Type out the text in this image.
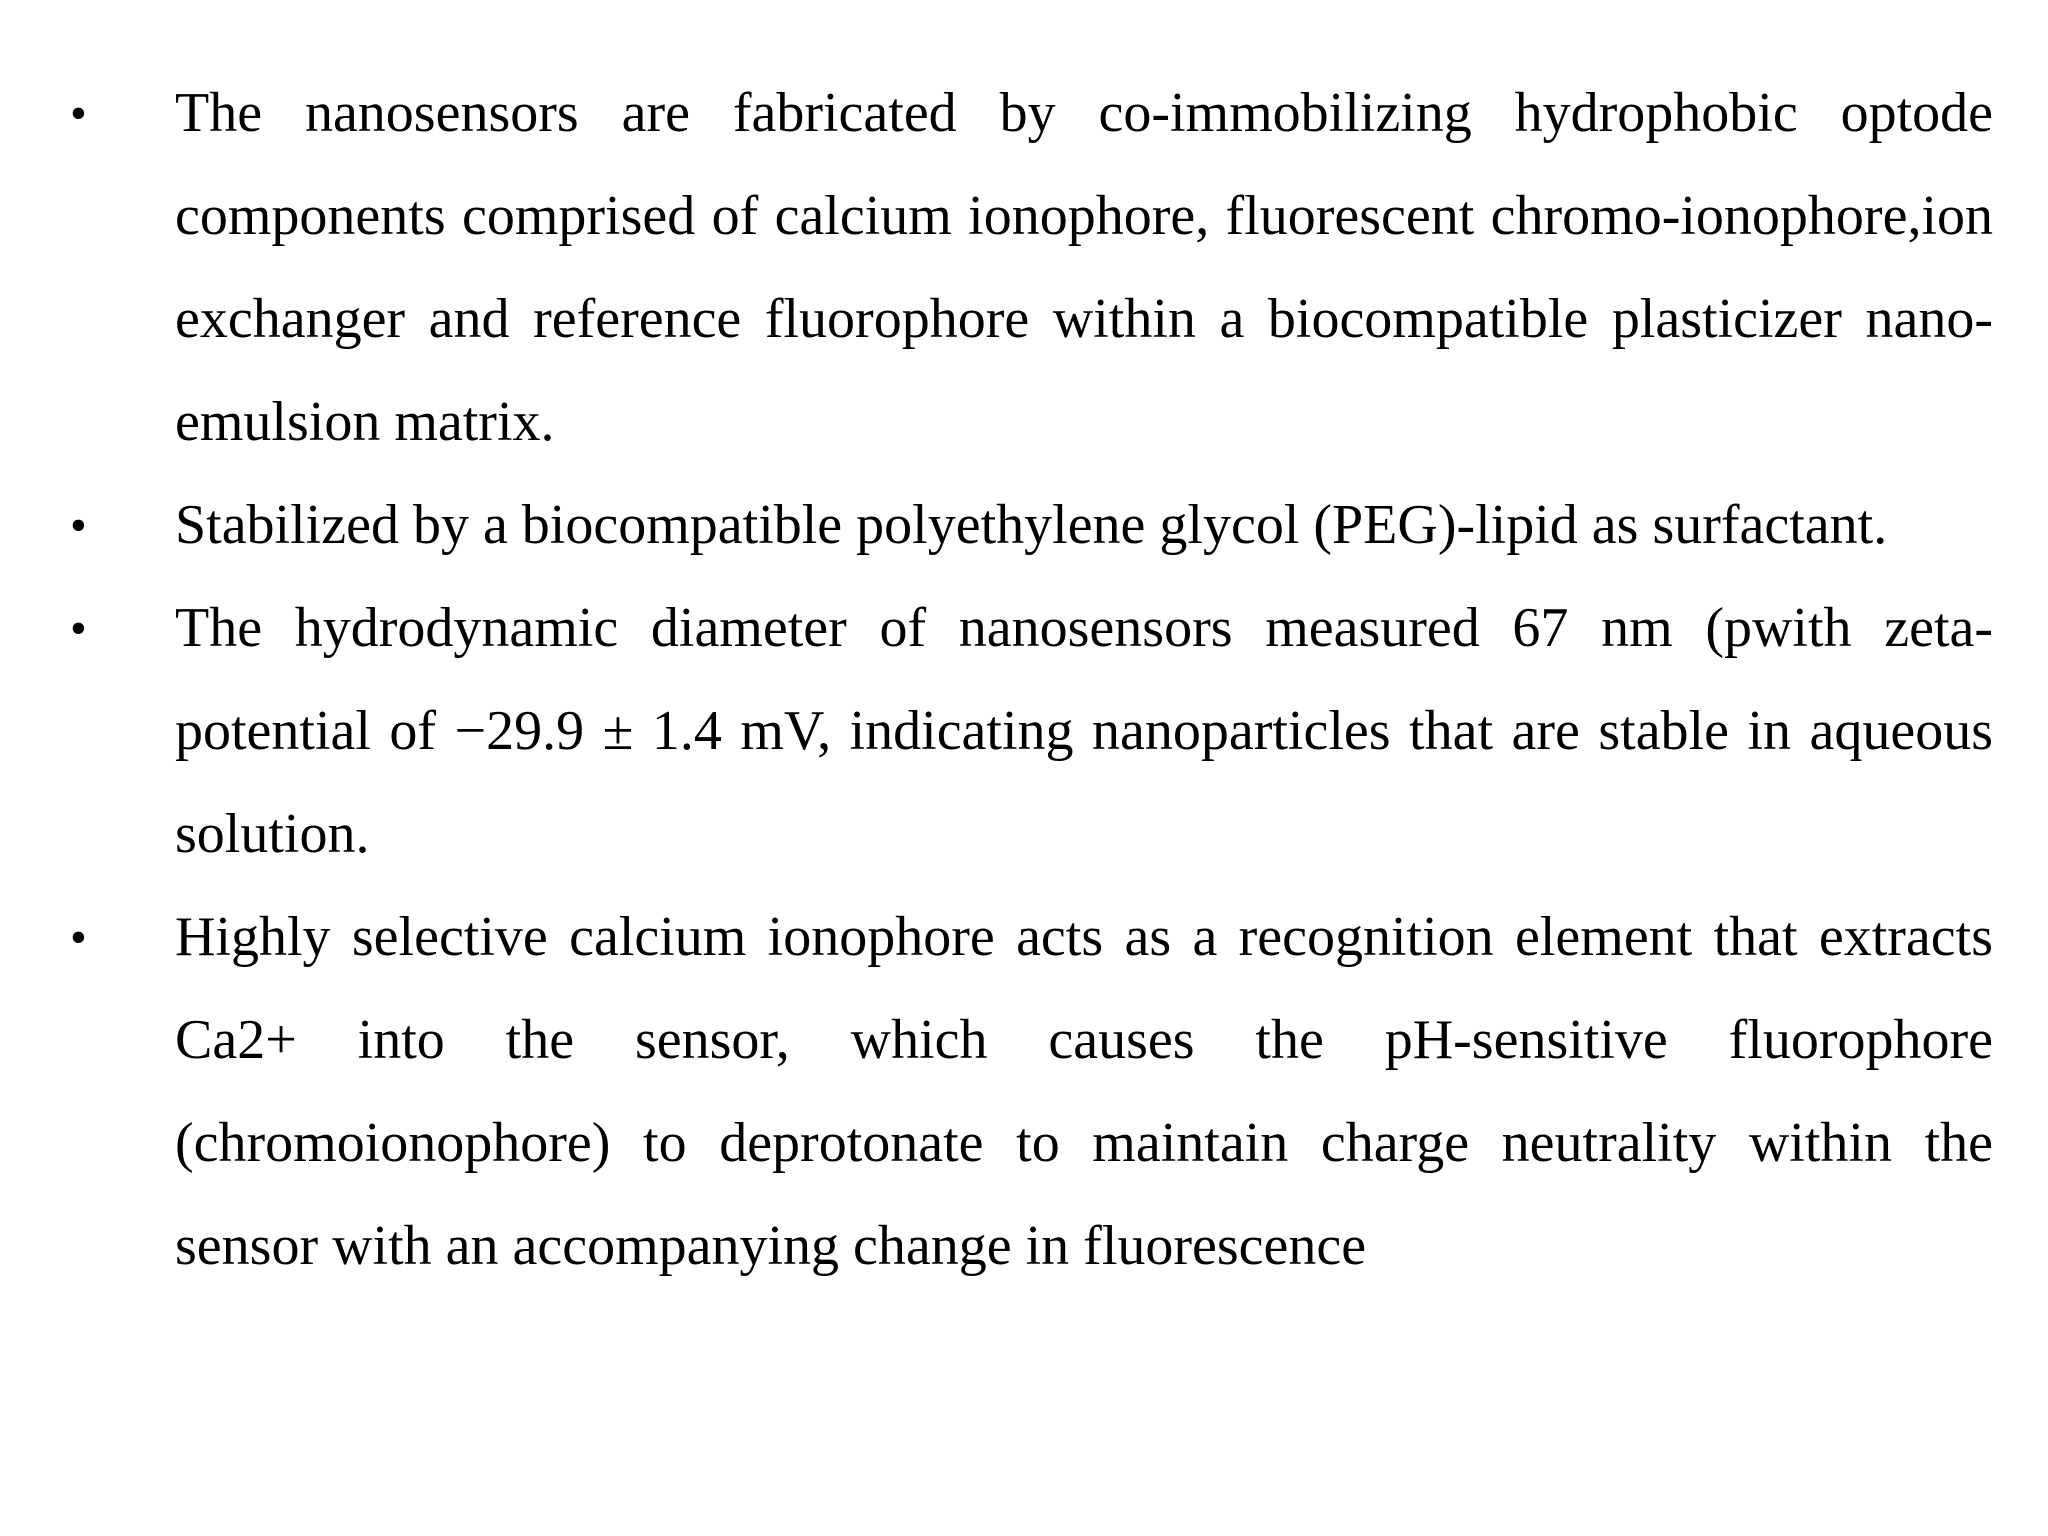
• The nanosensors are fabricated by co-immobilizing hydrophobic optode components comprised of calcium ionophore, fluorescent chromo-ionophore,ion exchanger and reference fluorophore within a biocompatible plasticizer nano-emulsion matrix.
• Stabilized by a biocompatible polyethylene glycol (PEG)-lipid as surfactant.
• The hydrodynamic diameter of nanosensors measured 67 nm (pwith zeta-potential of −29.9 ± 1.4 mV, indicating nanoparticles that are stable in aqueous solution.
• Highly selective calcium ionophore acts as a recognition element that extracts Ca2+ into the sensor, which causes the pH-sensitive fluorophore (chromoionophore) to deprotonate to maintain charge neutrality within the sensor with an accompanying change in fluorescence
